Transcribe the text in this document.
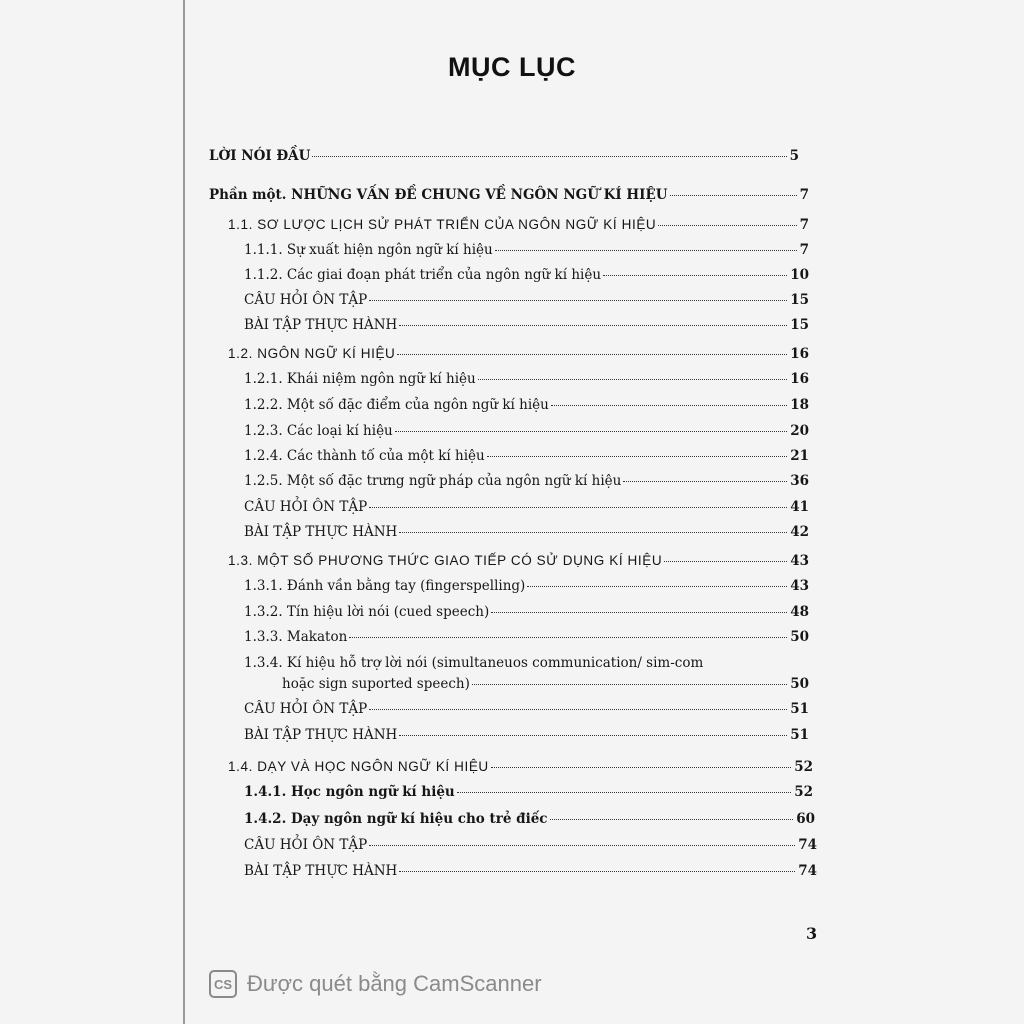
MỤC LỤC
LỜI NÓI ĐẦU	5
Phần một. NHỮNG VẤN ĐỀ CHUNG VỀ NGÔN NGỮ KÍ HIỆU	7
1.1. SƠ LƯỢC LỊCH SỬ PHÁT TRIỂN CỦA NGÔN NGỮ KÍ HIỆU	7
1.1.1. Sự xuất hiện ngôn ngữ kí hiệu	7
1.1.2. Các giai đoạn phát triển của ngôn ngữ kí hiệu	10
CÂU HỎI ÔN TẬP	15
BÀI TẬP THỰC HÀNH	15
1.2. NGÔN NGỮ KÍ HIỆU	16
1.2.1. Khái niệm ngôn ngữ kí hiệu	16
1.2.2. Một số đặc điểm của ngôn ngữ kí hiệu	18
1.2.3. Các loại kí hiệu	20
1.2.4. Các thành tố của một kí hiệu	21
1.2.5. Một số đặc trưng ngữ pháp của ngôn ngữ kí hiệu	36
CÂU HỎI ÔN TẬP	41
BÀI TẬP THỰC HÀNH	42
1.3. MỘT SỐ PHƯƠNG THỨC GIAO TIẾP CÓ SỬ DỤNG KÍ HIỆU	43
1.3.1. Đánh vần bằng tay (fingerspelling)	43
1.3.2. Tín hiệu lời nói (cued speech)	48
1.3.3. Makaton	50
1.3.4. Kí hiệu hỗ trợ lời nói (simultaneuos communication/ sim-com
hoặc sign suported speech)	50
CÂU HỎI ÔN TẬP	51
BÀI TẬP THỰC HÀNH	51
1.4. DẠY VÀ HỌC NGÔN NGỮ KÍ HIỆU	52
1.4.1. Học ngôn ngữ kí hiệu	52
1.4.2. Dạy ngôn ngữ kí hiệu cho trẻ điếc	60
CÂU HỎI ÔN TẬP	74
BÀI TẬP THỰC HÀNH	74
3
CS Được quét bằng CamScanner
